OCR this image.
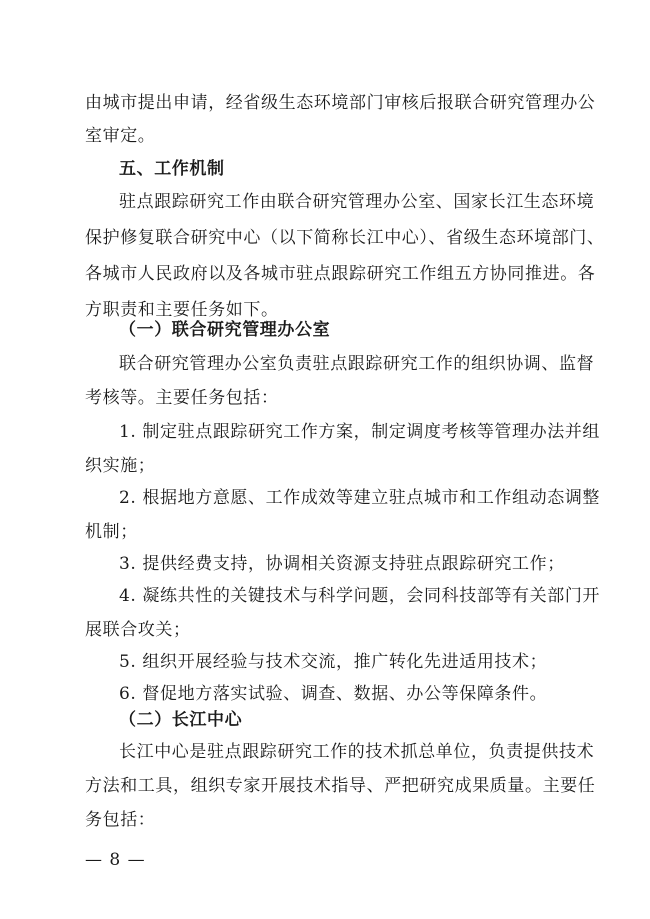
由城市提出申请，经省级生态环境部门审核后报联合研究管理办公
室审定。
五、工作机制
驻点跟踪研究工作由联合研究管理办公室、国家长江生态环境
保护修复联合研究中心（以下简称长江中心）、省级生态环境部门、
各城市人民政府以及各城市驻点跟踪研究工作组五方协同推进。各
方职责和主要任务如下。
（一）联合研究管理办公室
联合研究管理办公室负责驻点跟踪研究工作的组织协调、监督
考核等。主要任务包括：
1. 制定驻点跟踪研究工作方案，制定调度考核等管理办法并组
织实施；
2. 根据地方意愿、工作成效等建立驻点城市和工作组动态调整
机制；
3. 提供经费支持，协调相关资源支持驻点跟踪研究工作；
4. 凝练共性的关键技术与科学问题，会同科技部等有关部门开
展联合攻关；
5. 组织开展经验与技术交流，推广转化先进适用技术；
6. 督促地方落实试验、调查、数据、办公等保障条件。
（二）长江中心
长江中心是驻点跟踪研究工作的技术抓总单位，负责提供技术
方法和工具，组织专家开展技术指导、严把研究成果质量。主要任
务包括：
— 8 —
